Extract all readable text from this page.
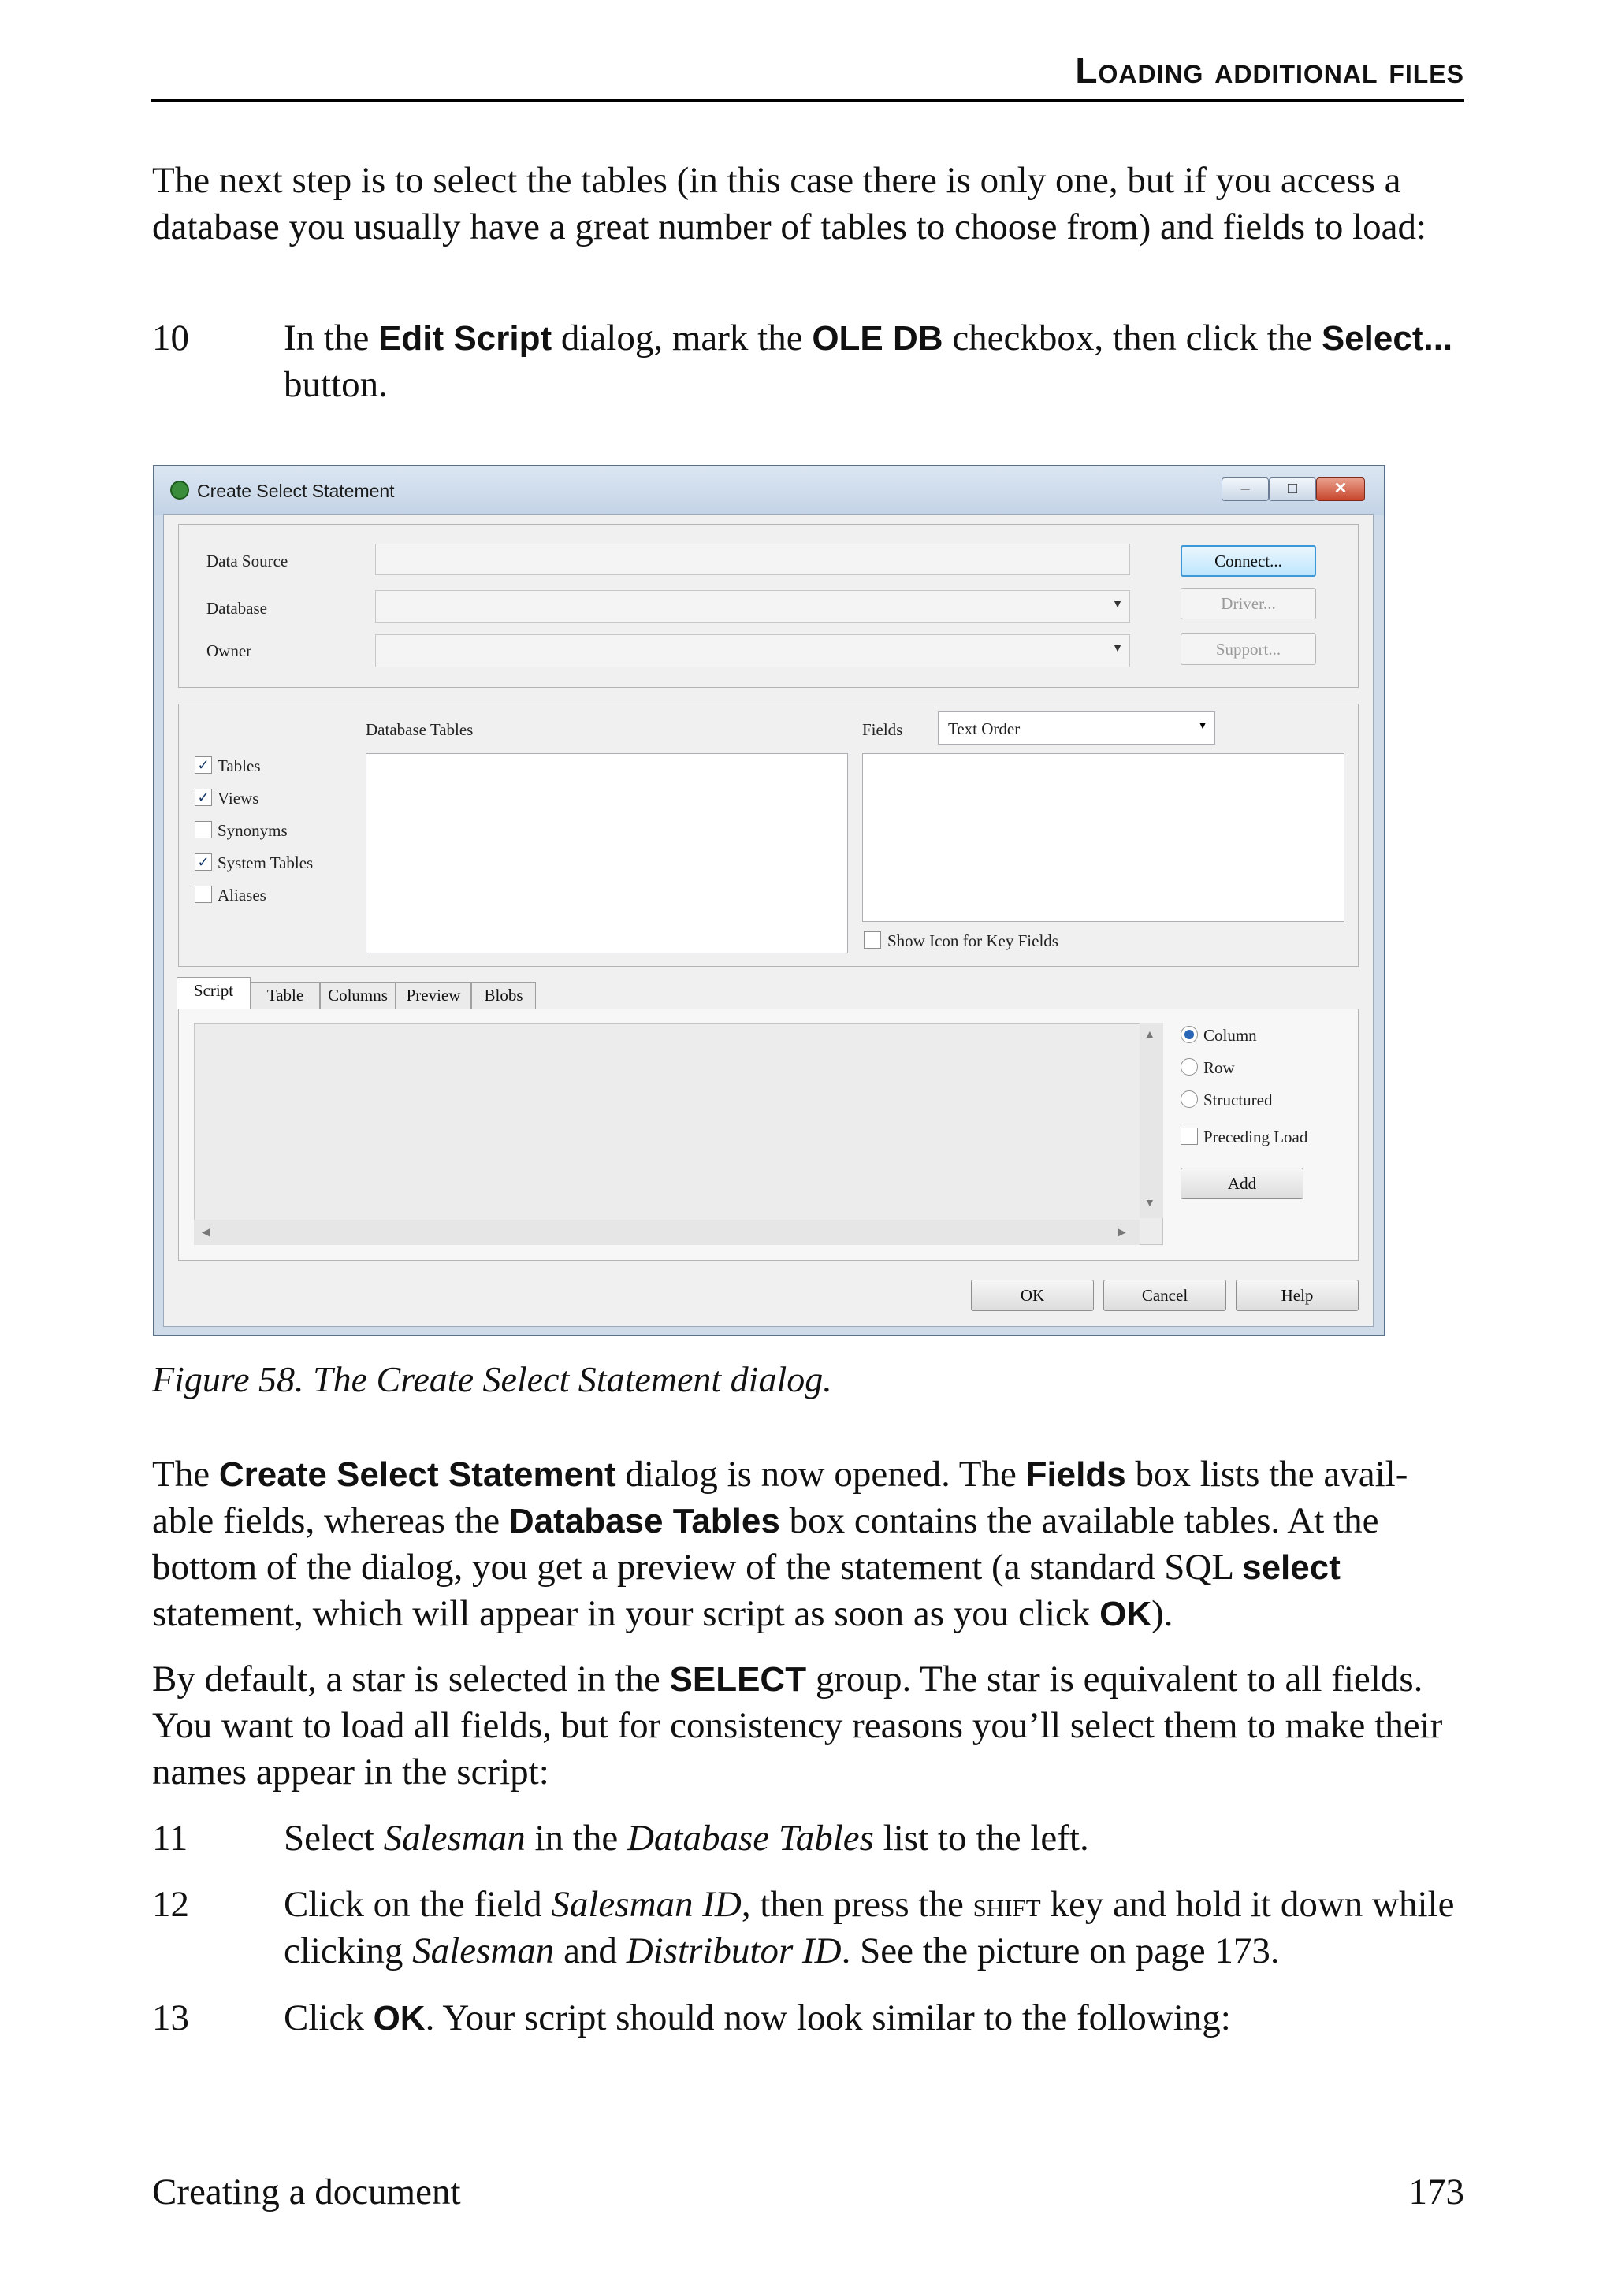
Loading additional files
The next step is to select the tables (in this case there is only one, but if you access a database you usually have a great number of tables to choose from) and fields to load:
10	In the Edit Script dialog, mark the OLE DB checkbox, then click the Select... button.
Create Select Statement	–	□	✕
Data Source
Database	▼
Owner	▼
Connect...
Driver...
Support...
Database Tables	Fields	Text Order	▼
✓ Tables
✓ Views
Synonyms
✓ System Tables
Aliases
Show Icon for Key Fields
Script	Table	Columns	Preview	Blobs
▲
▼
◀	▶
Column
Row
Structured
Preceding Load
Add
OK	Cancel	Help
Figure 58. The Create Select Statement dialog.
The Create Select Statement dialog is now opened. The Fields box lists the avail-able fields, whereas the Database Tables box contains the available tables. At the bottom of the dialog, you get a preview of the statement (a standard SQL select statement, which will appear in your script as soon as you click OK).
By default, a star is selected in the SELECT group. The star is equivalent to all fields. You want to load all fields, but for consistency reasons you’ll select them to make their names appear in the script:
11	Select Salesman in the Database Tables list to the left.
12	Click on the field Salesman ID, then press the shift key and hold it down while clicking Salesman and Distributor ID. See the picture on page 173.
13	Click OK. Your script should now look similar to the following:
Creating a document	173
